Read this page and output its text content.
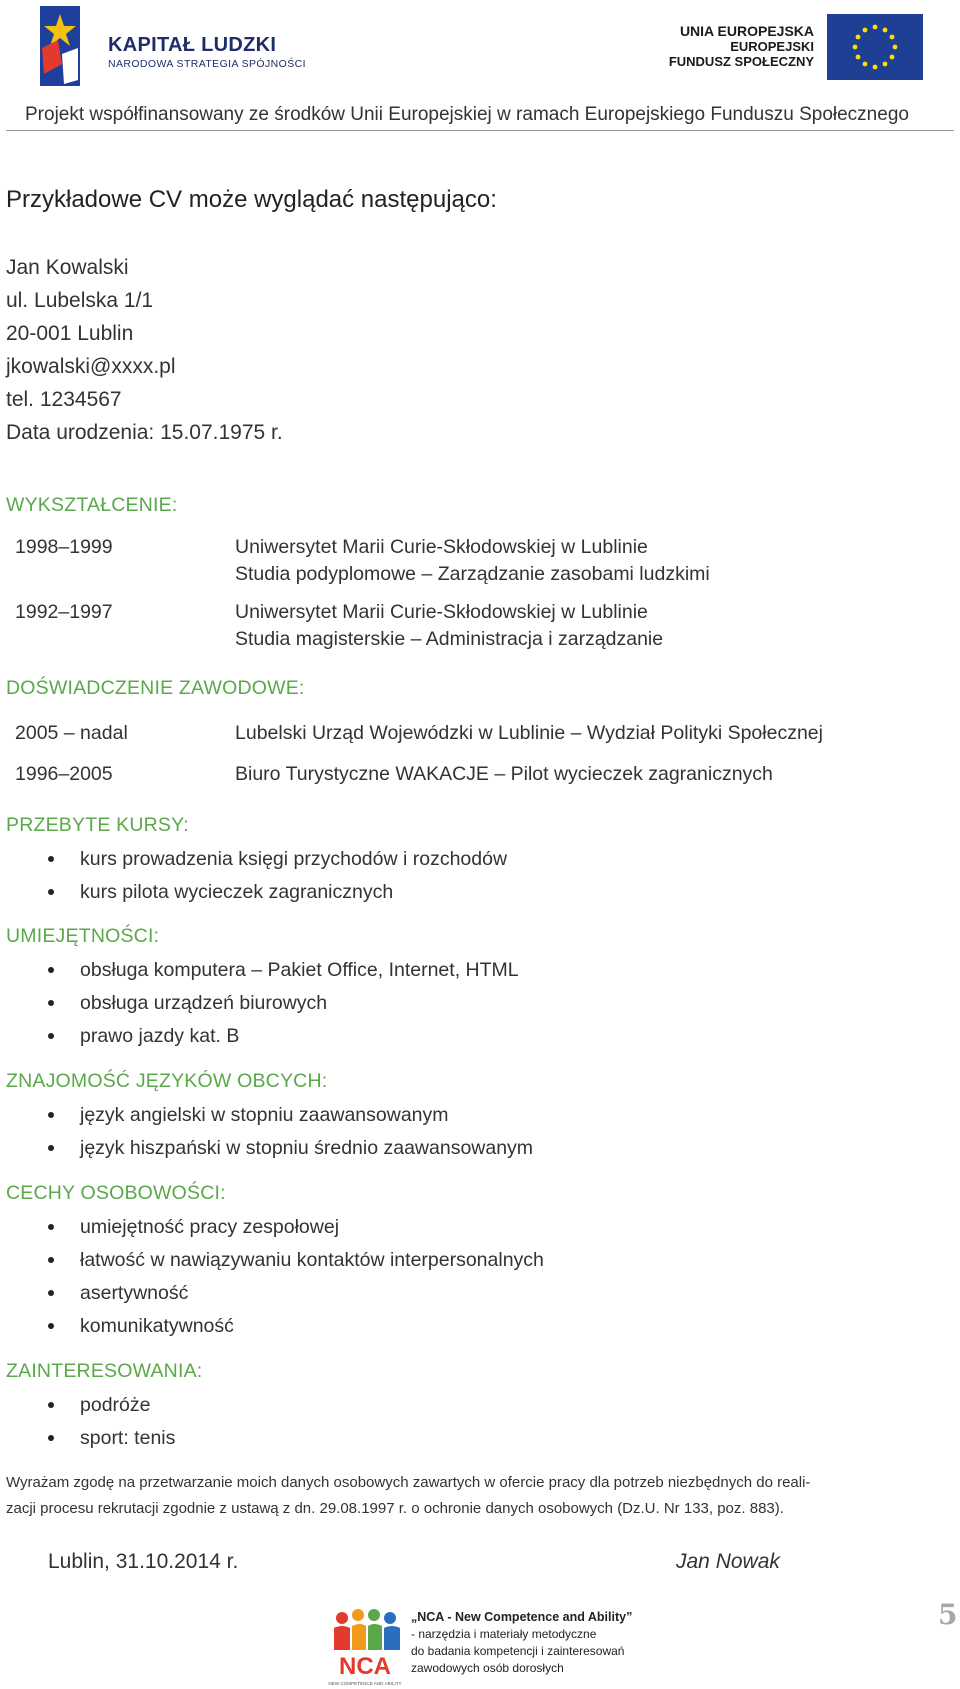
KAPITAŁ LUDZKI
NARODOWA STRATEGIA SPÓJNOŚCI
UNIA EUROPEJSKA
EUROPEJSKI
FUNDUSZ SPOŁECZNY
Projekt współfinansowany ze środków Unii Europejskiej w ramach Europejskiego Funduszu Społecznego
Przykładowe CV może wyglądać następująco:
Jan Kowalski
ul. Lubelska 1/1
20-001 Lublin
jkowalski@xxxx.pl
tel. 1234567
Data urodzenia: 15.07.1975 r.
WYKSZTAŁCENIE:
1998–1999	Uniwersytet Marii Curie-Skłodowskiej w Lublinie
Studia podyplomowe – Zarządzanie zasobami ludzkimi
1992–1997	Uniwersytet Marii Curie-Skłodowskiej w Lublinie
Studia magisterskie – Administracja i zarządzanie
DOŚWIADCZENIE ZAWODOWE:
2005 – nadal	Lubelski Urząd Wojewódzki w Lublinie – Wydział Polityki Społecznej
1996–2005	Biuro Turystyczne WAKACJE – Pilot wycieczek zagranicznych
PRZEBYTE KURSY:
kurs prowadzenia księgi przychodów i rozchodów
kurs pilota wycieczek zagranicznych
UMIEJĘTNOŚCI:
obsługa komputera – Pakiet Office, Internet, HTML
obsługa urządzeń biurowych
prawo jazdy kat. B
ZNAJOMOŚĆ JĘZYKÓW OBCYCH:
język angielski w stopniu zaawansowanym
język hiszpański w stopniu średnio zaawansowanym
CECHY OSOBOWOŚCI:
umiejętność pracy zespołowej
łatwość w nawiązywaniu kontaktów interpersonalnych
asertywność
komunikatywność
ZAINTERESOWANIA:
podróże
sport: tenis
Wyrażam zgodę na przetwarzanie moich danych osobowych zawartych w ofercie pracy dla potrzeb niezbędnych do reali-
zacji procesu rekrutacji zgodnie z ustawą z dn. 29.08.1997 r. o ochronie danych osobowych (Dz.U. Nr 133, poz. 883).
Lublin, 31.10.2014 r.	Jan Nowak
NCA
NEW COMPETENCE AND ABILITY
„NCA - New Competence and Ability”
- narzędzia i materiały metodyczne
do badania kompetencji i zainteresowań
zawodowych osób dorosłych
5
